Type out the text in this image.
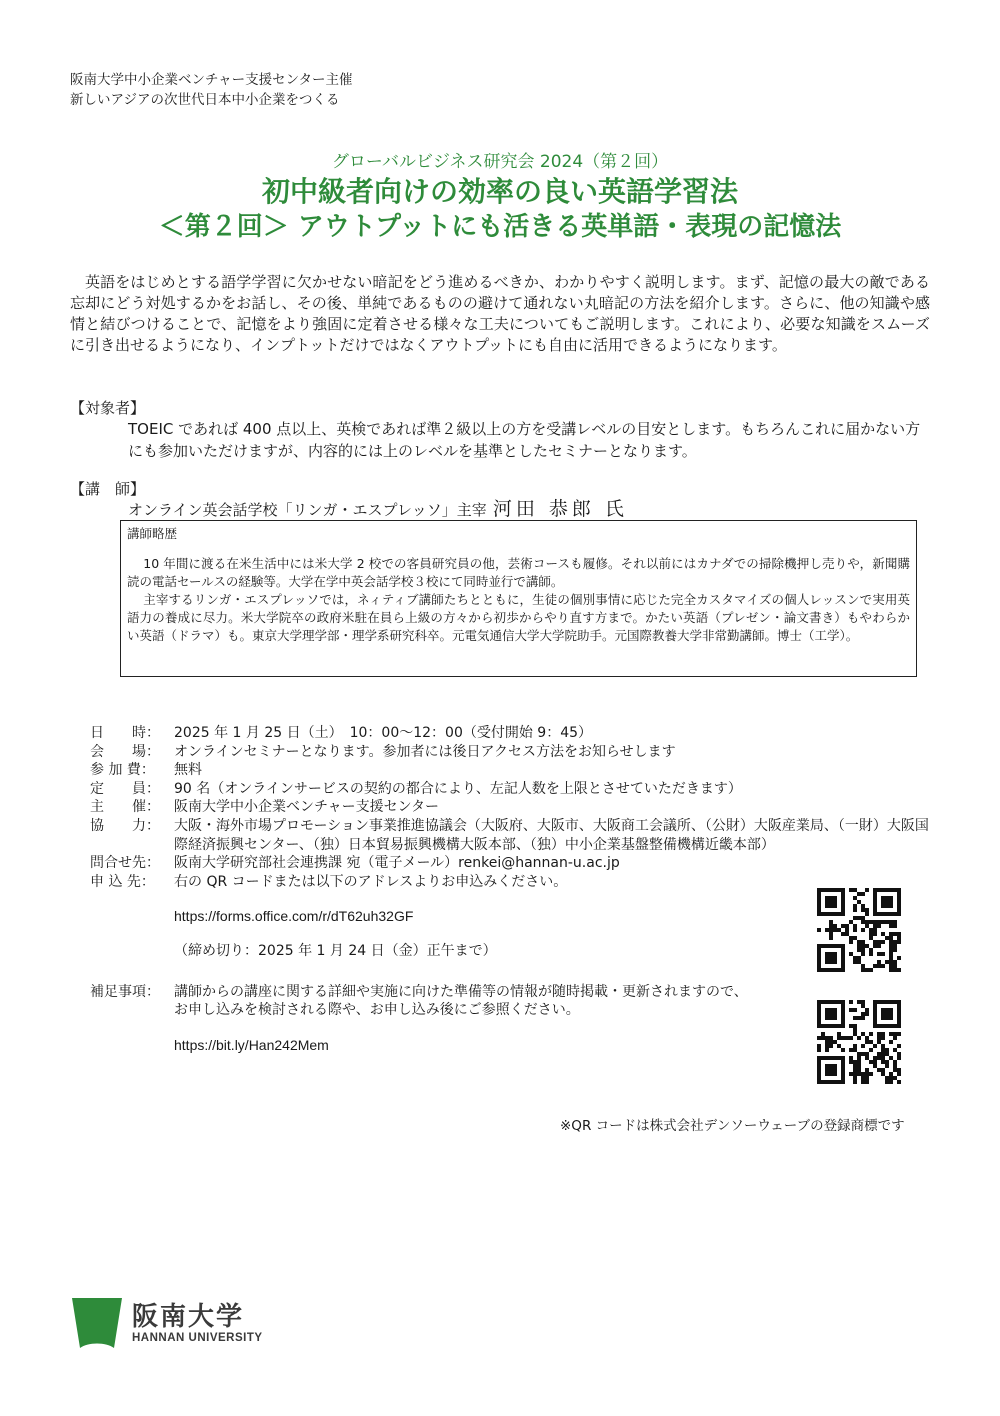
阪南大学中小企業ベンチャー支援センター主催
新しいアジアの次世代日本中小企業をつくる
グローバルビジネス研究会 2024（第２回）
初中級者向けの効率の良い英語学習法
＜第２回＞ アウトプットにも活きる英単語・表現の記憶法
英語をはじめとする語学学習に欠かせない暗記をどう進めるべきか、わかりやすく説明します。まず、記憶の最大の敵である忘却にどう対処するかをお話し、その後、単純であるものの避けて通れない丸暗記の方法を紹介します。さらに、他の知識や感情と結びつけることで、記憶をより強固に定着させる様々な工夫についてもご説明します。これにより、必要な知識をスムーズに引き出せるようになり、インプトットだけではなくアウトプットにも自由に活用できるようになります。
【対象者】
TOEIC であれば 400 点以上、英検であれば準２級以上の方を受講レベルの目安とします。もちろんこれに届かない方にも参加いただけますが、内容的には上のレベルを基準としたセミナーとなります。
【講　師】
オンライン英会話学校「リンガ・エスプレッソ」主宰 河田 恭郎 氏
講師略歴
10 年間に渡る在米生活中には米大学 2 校での客員研究員の他，芸術コースも履修。それ以前にはカナダでの掃除機押し売りや，新聞購読の電話セールスの経験等。大学在学中英会話学校３校にて同時並行で講師。
主宰するリンガ・エスプレッソでは，ネィティブ講師たちとともに，生徒の個別事情に応じた完全カスタマイズの個人レッスンで実用英語力の養成に尽力。米大学院卒の政府米駐在員ら上級の方々から初歩からやり直す方まで。かたい英語（プレゼン・論文書き）もやわらかい英語（ドラマ）も。東京大学理学部・理学系研究科卒。元電気通信大学大学院助手。元国際教養大学非常勤講師。博士（工学）。
日　　時：	2025 年 1 月 25 日（土）　10：00～12：00（受付開始 9：45）
会　　場：	オンラインセミナーとなります。参加者には後日アクセス方法をお知らせします
参 加 費：	無料
定　　員：	90 名（オンラインサービスの契約の都合により、左記人数を上限とさせていただきます）
主　　催：	阪南大学中小企業ベンチャー支援センター
協　　力：	大阪・海外市場プロモーション事業推進協議会（大阪府、大阪市、大阪商工会議所、（公財）大阪産業局、（一財）大阪国際経済振興センター、（独）日本貿易振興機構大阪本部、（独）中小企業基盤整備機構近畿本部）
問合せ先：	阪南大学研究部社会連携課 宛（電子メール）renkei@hannan-u.ac.jp
申 込 先：	右の QR コードまたは以下のアドレスよりお申込みください。
https://forms.office.com/r/dT62uh32GF
（締め切り：2025 年 1 月 24 日（金）正午まで）
補足事項：	講師からの講座に関する詳細や実施に向けた準備等の情報が随時掲載・更新されますので、お申し込みを検討される際や、お申し込み後にご参照ください。
https://bit.ly/Han242Mem
※QR コードは株式会社デンソーウェーブの登録商標です
阪南大学
HANNAN UNIVERSITY
